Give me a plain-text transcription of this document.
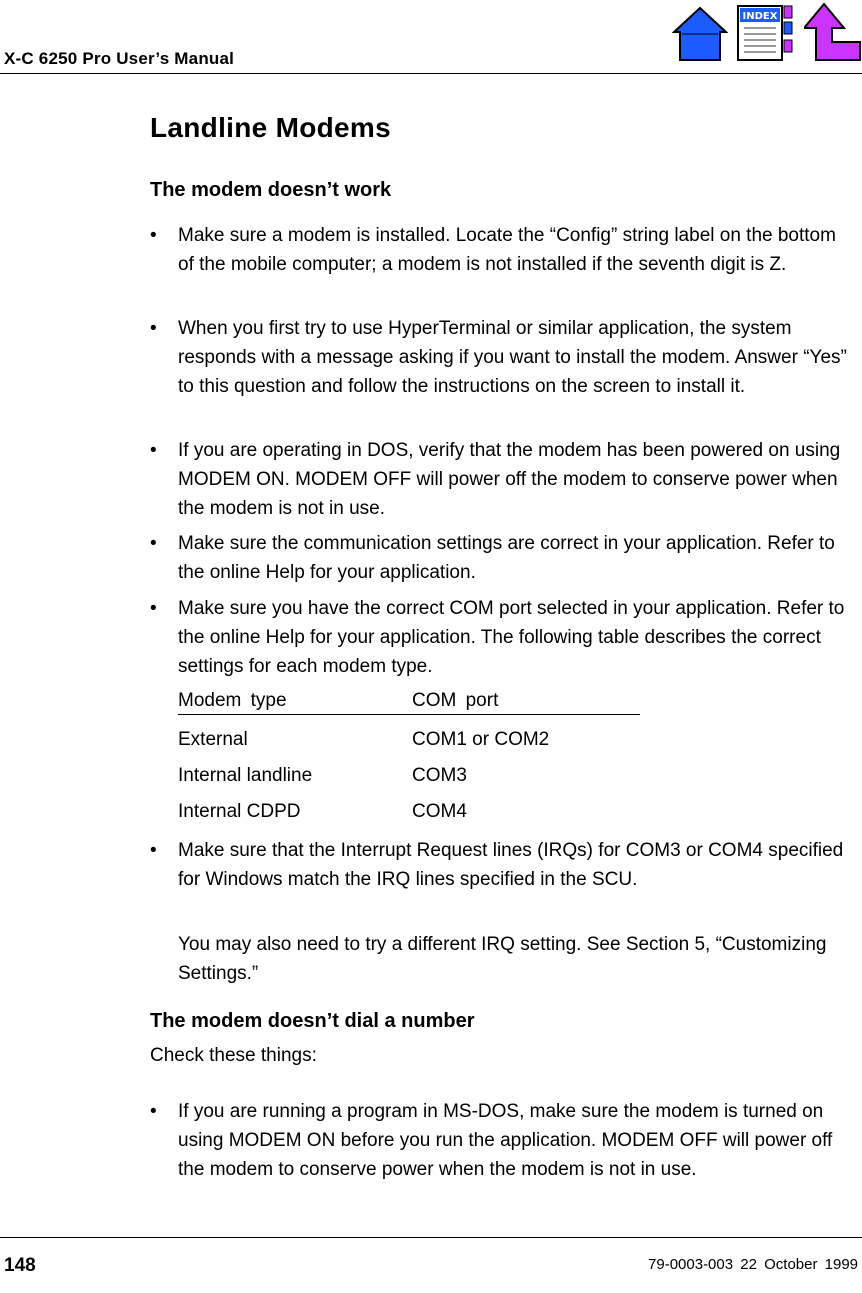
X-C 6250 Pro User’s Manual
INDEX
Landline Modems
The modem doesn’t work
•	Make sure a modem is installed. Locate the “Config” string label on the bottom of the mobile computer; a modem is not installed if the seventh digit is Z.
•	When you first try to use HyperTerminal or similar application, the system responds with a message asking if you want to install the modem. Answer “Yes” to this question and follow the instructions on the screen to install it.
•	If you are operating in DOS, verify that the modem has been powered on using MODEM ON. MODEM OFF will power off the modem to conserve power when the modem is not in use.
•	Make sure the communication settings are correct in your application. Refer to the online Help for your application.
•	Make sure you have the correct COM port selected in your application. Refer to the online Help for your application. The following table describes the correct settings for each modem type.
Modem type	COM port
External	COM1 or COM2
Internal landline	COM3
Internal CDPD	COM4
•	Make sure that the Interrupt Request lines (IRQs) for COM3 or COM4 specified for Windows match the IRQ lines specified in the SCU.
You may also need to try a different IRQ setting. See Section 5, “Customizing Settings.”
The modem doesn’t dial a number
Check these things:
•	If you are running a program in MS-DOS, make sure the modem is turned on using MODEM ON before you run the application. MODEM OFF will power off the modem to conserve power when the modem is not in use.
148	79-0003-003 22 October 1999
